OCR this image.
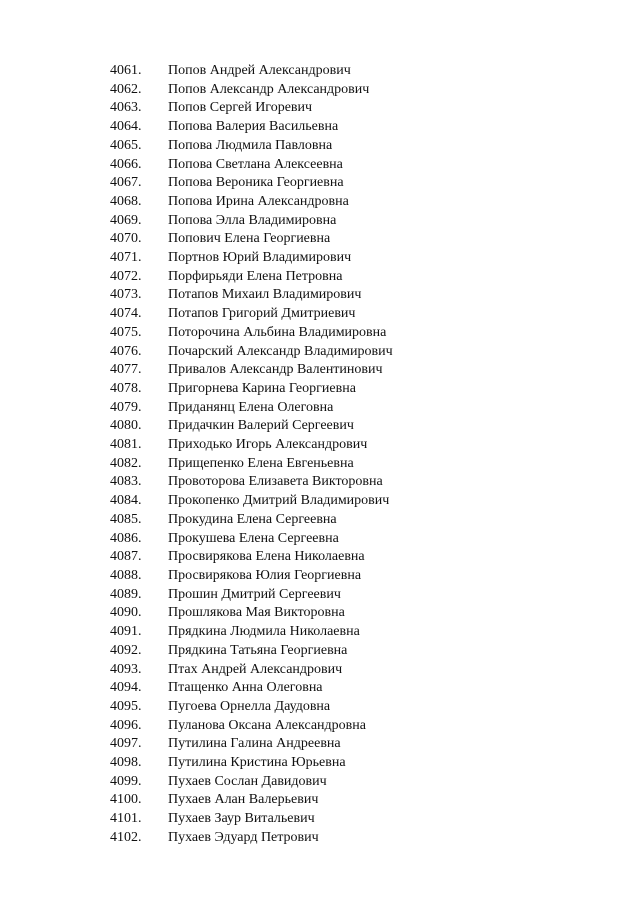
4061. Попов Андрей Александрович
4062. Попов Александр Александрович
4063. Попов Сергей Игоревич
4064. Попова Валерия Васильевна
4065. Попова Людмила Павловна
4066. Попова Светлана Алексеевна
4067. Попова Вероника Георгиевна
4068. Попова Ирина Александровна
4069. Попова Элла Владимировна
4070. Попович Елена Георгиевна
4071. Портнов Юрий Владимирович
4072. Порфирьяди Елена Петровна
4073. Потапов Михаил Владимирович
4074. Потапов Григорий Дмитриевич
4075. Поторочина Альбина Владимировна
4076. Почарский Александр Владимирович
4077. Привалов Александр Валентинович
4078. Пригорнева Карина Георгиевна
4079. Приданянц Елена Олеговна
4080. Придачкин Валерий Сергеевич
4081. Приходько Игорь Александрович
4082. Прищепенко Елена Евгеньевна
4083. Провоторова Елизавета Викторовна
4084. Прокопенко Дмитрий Владимирович
4085. Прокудина Елена Сергеевна
4086. Прокушева Елена Сергеевна
4087. Просвирякова Елена Николаевна
4088. Просвирякова Юлия Георгиевна
4089. Прошин Дмитрий Сергеевич
4090. Прошлякова Мая Викторовна
4091. Прядкина Людмила Николаевна
4092. Прядкина Татьяна Георгиевна
4093. Птах Андрей Александрович
4094. Птащенко Анна Олеговна
4095. Пугоева Орнелла Даудовна
4096. Пуланова Оксана Александровна
4097. Путилина Галина Андреевна
4098. Путилина Кристина Юрьевна
4099. Пухаев Сослан Давидович
4100. Пухаев Алан Валерьевич
4101. Пухаев Заур Витальевич
4102. Пухаев Эдуард Петрович
